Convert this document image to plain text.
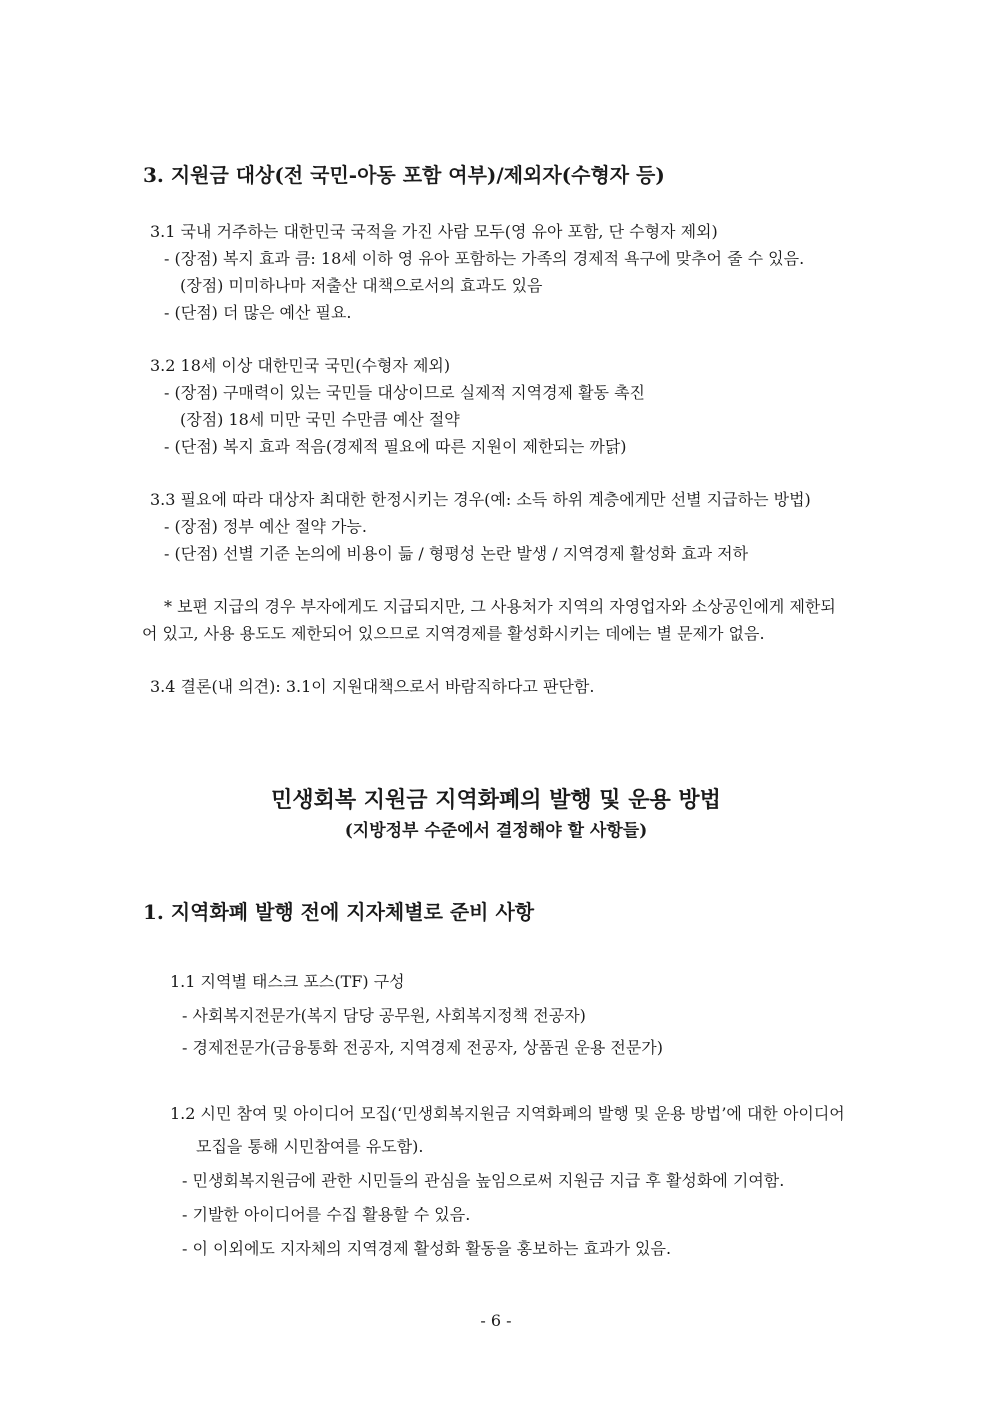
3. 지원금 대상(전 국민-아동 포함 여부)/제외자(수형자 등)
3.1 국내 거주하는 대한민국 국적을 가진 사람 모두(영 유아 포함, 단 수형자 제외)
- (장점) 복지 효과 큼: 18세 이하 영 유아 포함하는 가족의 경제적 욕구에 맞추어 줄 수 있음.
(장점) 미미하나마 저출산 대책으로서의 효과도 있음
- (단점) 더 많은 예산 필요.
3.2 18세 이상 대한민국 국민(수형자 제외)
- (장점) 구매력이 있는 국민들 대상이므로 실제적 지역경제 활동 촉진
(장점) 18세 미만 국민 수만큼 예산 절약
- (단점) 복지 효과 적음(경제적 필요에 따른 지원이 제한되는 까닭)
3.3 필요에 따라 대상자 최대한 한정시키는 경우(예: 소득 하위 계층에게만 선별 지급하는 방법)
- (장점) 정부 예산 절약 가능.
- (단점) 선별 기준 논의에 비용이 듦 / 형평성 논란 발생 / 지역경제 활성화 효과 저하
* 보편 지급의 경우 부자에게도 지급되지만, 그 사용처가 지역의 자영업자와 소상공인에게 제한되
어 있고, 사용 용도도 제한되어 있으므로 지역경제를 활성화시키는 데에는 별 문제가 없음.
3.4 결론(내 의견): 3.1이 지원대책으로서 바람직하다고 판단함.
민생회복 지원금 지역화폐의 발행 및 운용 방법
(지방정부 수준에서 결정해야 할 사항들)
1. 지역화폐 발행 전에 지자체별로 준비 사항
1.1 지역별 태스크 포스(TF) 구성
- 사회복지전문가(복지 담당 공무원, 사회복지정책 전공자)
- 경제전문가(금융통화 전공자, 지역경제 전공자, 상품권 운용 전문가)
1.2 시민 참여 및 아이디어 모집(‘민생회복지원금 지역화폐의 발행 및 운용 방법’에 대한 아이디어
모집을 통해 시민참여를 유도함).
- 민생회복지원금에 관한 시민들의 관심을 높임으로써 지원금 지급 후 활성화에 기여함.
- 기발한 아이디어를 수집 활용할 수 있음.
- 이 이외에도 지자체의 지역경제 활성화 활동을 홍보하는 효과가 있음.
- 6 -
